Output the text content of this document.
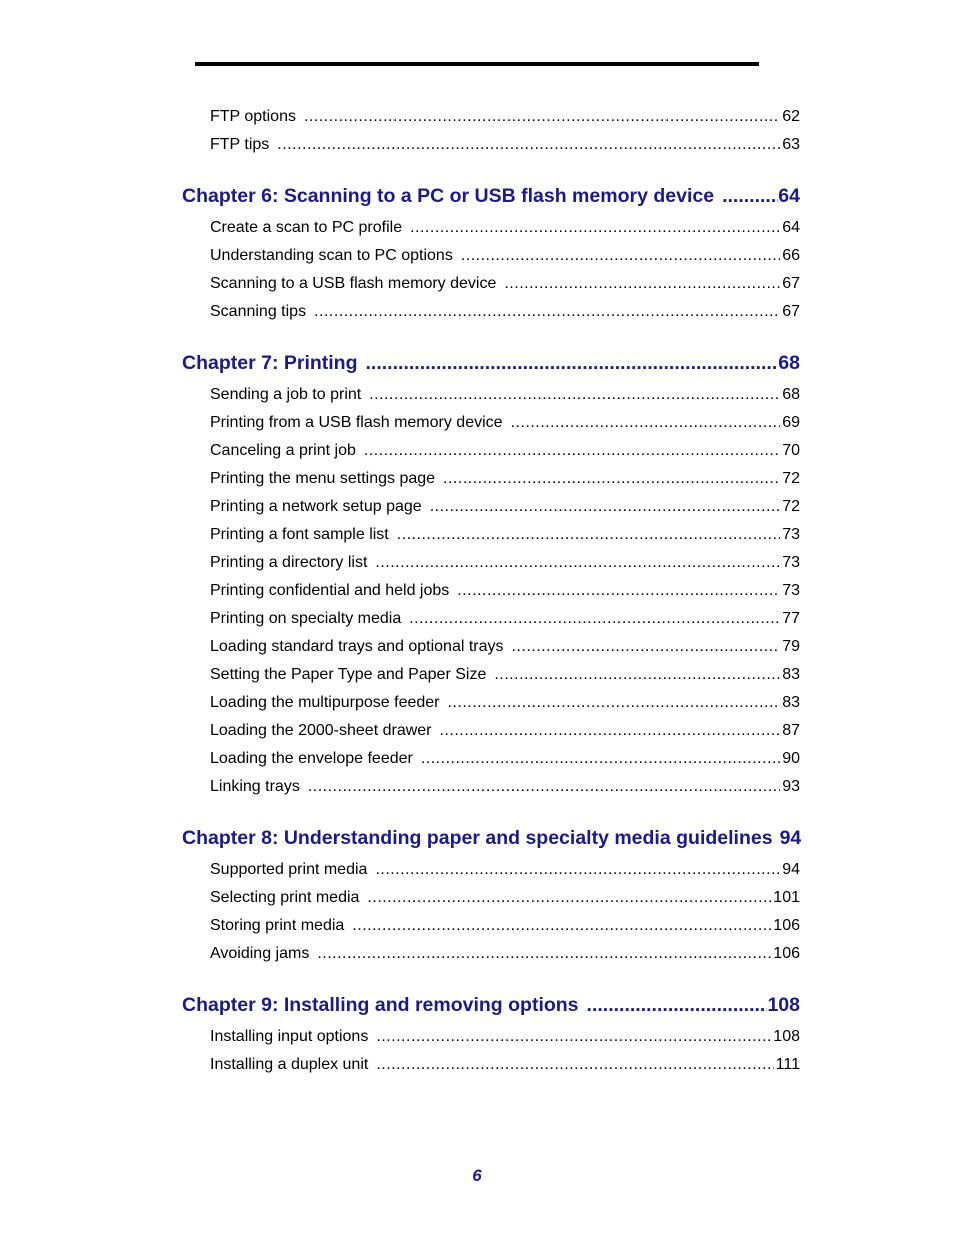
FTP options .....	62
FTP tips .....	63
Chapter 6: Scanning to a PC or USB flash memory device .....	64
Create a scan to PC profile .....	64
Understanding scan to PC options .....	66
Scanning to a USB flash memory device .....	67
Scanning tips .....	67
Chapter 7: Printing .....	68
Sending a job to print .....	68
Printing from a USB flash memory device .....	69
Canceling a print job .....	70
Printing the menu settings page .....	72
Printing a network setup page .....	72
Printing a font sample list .....	73
Printing a directory list .....	73
Printing confidential and held jobs .....	73
Printing on specialty media .....	77
Loading standard trays and optional trays .....	79
Setting the Paper Type and Paper Size .....	83
Loading the multipurpose feeder .....	83
Loading the 2000-sheet drawer .....	87
Loading the envelope feeder .....	90
Linking trays .....	93
Chapter 8: Understanding paper and specialty media guidelines 94
Supported print media .....	94
Selecting print media .....	101
Storing print media .....	106
Avoiding jams .....	106
Chapter 9: Installing and removing options .....	108
Installing input options .....	108
Installing a duplex unit .....	111
6
